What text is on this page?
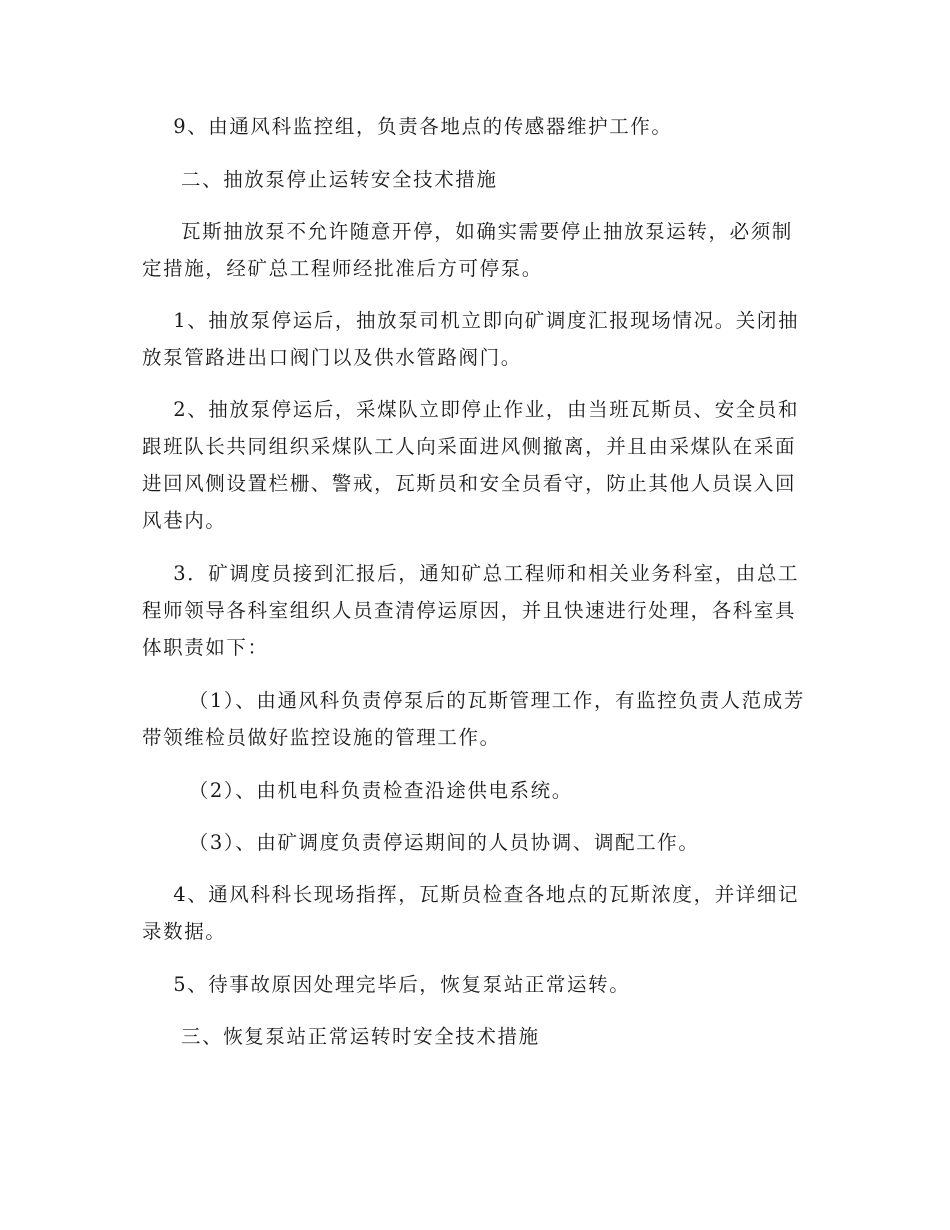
9、由通风科监控组，负责各地点的传感器维护工作。

二、抽放泵停止运转安全技术措施

瓦斯抽放泵不允许随意开停，如确实需要停止抽放泵运转，必须制定措施，经矿总工程师经批准后方可停泵。

1、抽放泵停运后，抽放泵司机立即向矿调度汇报现场情况。关闭抽放泵管路进出口阀门以及供水管路阀门。

2、抽放泵停运后，采煤队立即停止作业，由当班瓦斯员、安全员和跟班队长共同组织采煤队工人向采面进风侧撤离，并且由采煤队在采面进回风侧设置栏栅、警戒，瓦斯员和安全员看守，防止其他人员误入回风巷内。

3．矿调度员接到汇报后，通知矿总工程师和相关业务科室，由总工程师领导各科室组织人员查清停运原因，并且快速进行处理，各科室具体职责如下：

（1）、由通风科负责停泵后的瓦斯管理工作，有监控负责人范成芳带领维检员做好监控设施的管理工作。

（2）、由机电科负责检查沿途供电系统。

（3）、由矿调度负责停运期间的人员协调、调配工作。

4、通风科科长现场指挥，瓦斯员检查各地点的瓦斯浓度，并详细记录数据。

5、待事故原因处理完毕后，恢复泵站正常运转。

三、恢复泵站正常运转时安全技术措施
